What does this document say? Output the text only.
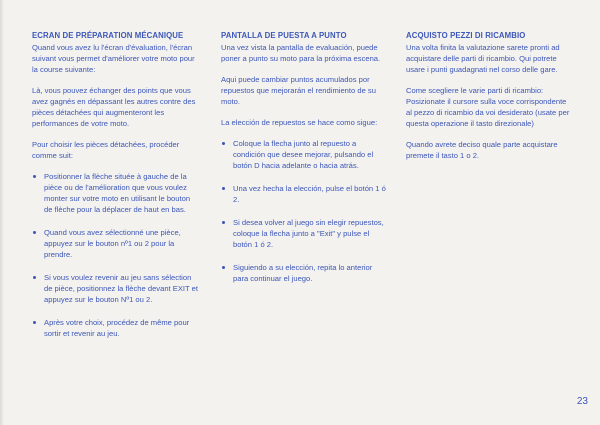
ECRAN DE PRÉPARATION MÉCANIQUE

Quand vous avez lu l'écran d'évaluation, l'écran suivant vous permet d'améliorer votre moto pour la course suivante:

Là, vous pouvez échanger des points que vous avez gagnés en dépassant les autres contre des pièces détachées qui augmenteront les performances de votre moto.

Pour choisir les pièces détachées, procéder comme suit:

Positionner la flèche située à gauche de la pièce ou de l'amélioration que vous voulez monter sur votre moto en utilisant le bouton de flèche pour la déplacer de haut en bas.
Quand vous avez sélectionné une pièce, appuyez sur le bouton nº1 ou 2 pour la prendre.
Si vous voulez revenir au jeu sans sélection de pièce, positionnez la flèche devant EXIT et appuyez sur le bouton Nº1 ou 2.
Après votre choix, procédez de même pour sortir et revenir au jeu.
PANTALLA DE PUESTA A PUNTO

Una vez vista la pantalla de evaluación, puede poner a punto su moto para la próxima escena.

Aqui puede cambiar puntos acumulados por repuestos que mejorarán el rendimiento de su moto.

La elección de repuestos se hace como sigue:

Coloque la flecha junto al repuesto a condición que desee mejorar, pulsando el botón D hacia adelante o hacia atrás.
Una vez hecha la elección, pulse el botón 1 ó 2.
Si desea volver al juego sin elegir repuestos, coloque la flecha junto a "Exit" y pulse el botón 1 ó 2.
Siguiendo a su elección, repita lo anterior para continuar el juego.
ACQUISTO PEZZI DI RICAMBIO

Una volta finita la valutazione sarete pronti ad acquistare delle parti di ricambio. Qui potrete usare i punti guadagnati nel corso delle gare.

Come scegliere le varie parti di ricambio: Posizionate il cursore sulla voce corrispondente al pezzo di ricambio da voi desiderato (usate per questa operazione il tasto direzionale)

Quando avrete deciso quale parte acquistare premete il tasto 1 o 2.

23
